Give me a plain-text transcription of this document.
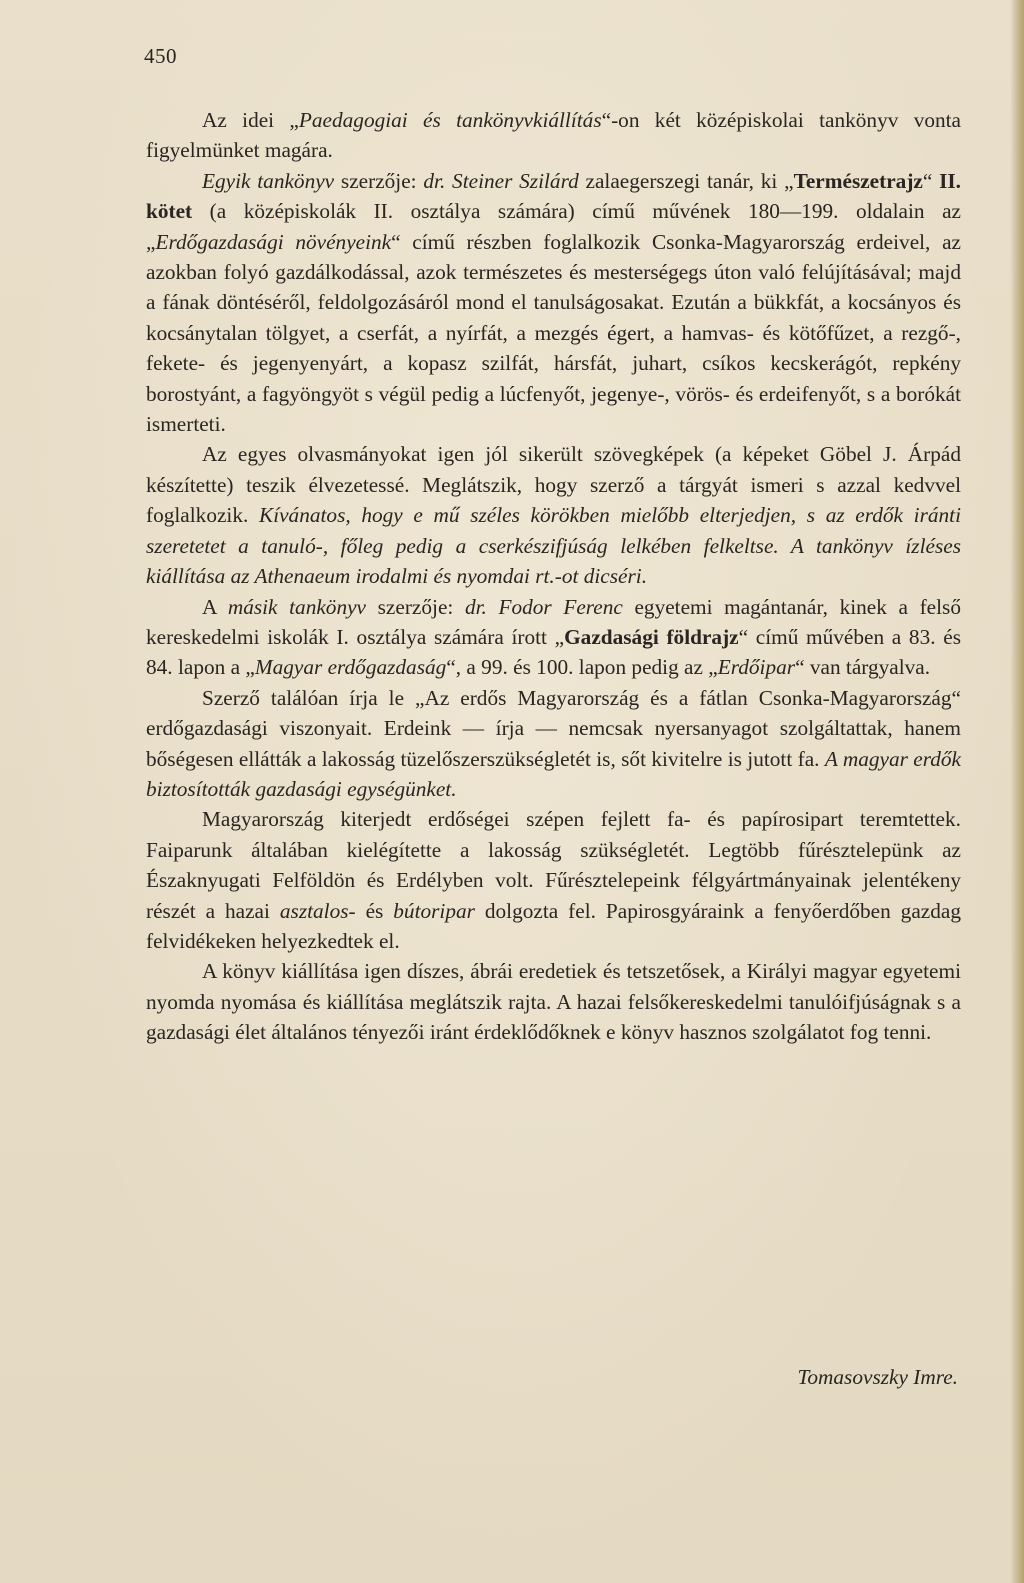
450

Az idei „Paedagogiai és tankönyvkiállítás“-on két középiskolai tankönyv vonta figyelmünket magára.

Egyik tankönyv szerzője: dr. Steiner Szilárd zalaegerszegi tanár, ki „Természetrajz“ II. kötet (a középiskolák II. osztálya számára) című művének 180—199. oldalain az „Erdőgazdasági növényeink“ című részben foglalkozik Csonka-Magyarország erdeivel, az azokban folyó gazdálkodással, azok természetes és mesterségegs úton való felújításával; majd a fának döntéséről, feldolgozásáról mond el tanulságosakat. Ezután a bükkfát, a kocsányos és kocsánytalan tölgyet, a cserfát, a nyírfát, a mezgés égert, a hamvas- és kötőfűzet, a rezgő-, fekete- és jegenyenyárt, a kopasz szilfát, hársfát, juhart, csíkos kecskerágót, repkény borostyánt, a fagyöngyöt s végül pedig a lúcfenyőt, jegenye-, vörös- és erdeifenyőt, s a borókát ismerteti.

Az egyes olvasmányokat igen jól sikerült szövegképek (a képeket Göbel J. Árpád készítette) teszik élvezetessé. Meglátszik, hogy szerző a tárgyát ismeri s azzal kedvvel foglalkozik. Kívánatos, hogy e mű széles körökben mielőbb elterjedjen, s az erdők iránti szeretetet a tanuló-, főleg pedig a cserkészifjúság lelkében felkeltse. A tankönyv ízléses kiállítása az Athenaeum irodalmi és nyomdai rt.-ot dicséri.

A másik tankönyv szerzője: dr. Fodor Ferenc egyetemi magántanár, kinek a felső kereskedelmi iskolák I. osztálya számára írott „Gazdasági földrajz“ című művében a 83. és 84. lapon a „Magyar erdőgazdaság“, a 99. és 100. lapon pedig az „Erdőipar“ van tárgyalva.

Szerző találóan írja le „Az erdős Magyarország és a fátlan Csonka-Magyarország“ erdőgazdasági viszonyait. Erdeink — írja — nemcsak nyersanyagot szolgáltattak, hanem bőségesen ellátták a lakosság tüzelőszerszükségletét is, sőt kivitelre is jutott fa. A magyar erdők biztosították gazdasági egységünket.

Magyarország kiterjedt erdőségei szépen fejlett fa- és papírosipart teremtettek. Faiparunk általában kielégítette a lakosság szükségletét. Legtöbb fűrésztelepünk az Északnyugati Felföldön és Erdélyben volt. Fűrésztelepeink félgyártmányainak jelentékeny részét a hazai asztalos- és bútoripar dolgozta fel. Papirosgyáraink a fenyőerdőben gazdag felvidékeken helyezkedtek el.

A könyv kiállítása igen díszes, ábrái eredetiek és tetszetősek, a Királyi magyar egyetemi nyomda nyomása és kiállítása meglátszik rajta. A hazai felsőkereskedelmi tanulóifjúságnak s a gazdasági élet általános tényezői iránt érdeklődőknek e könyv hasznos szolgálatot fog tenni.

Tomasovszky Imre.
